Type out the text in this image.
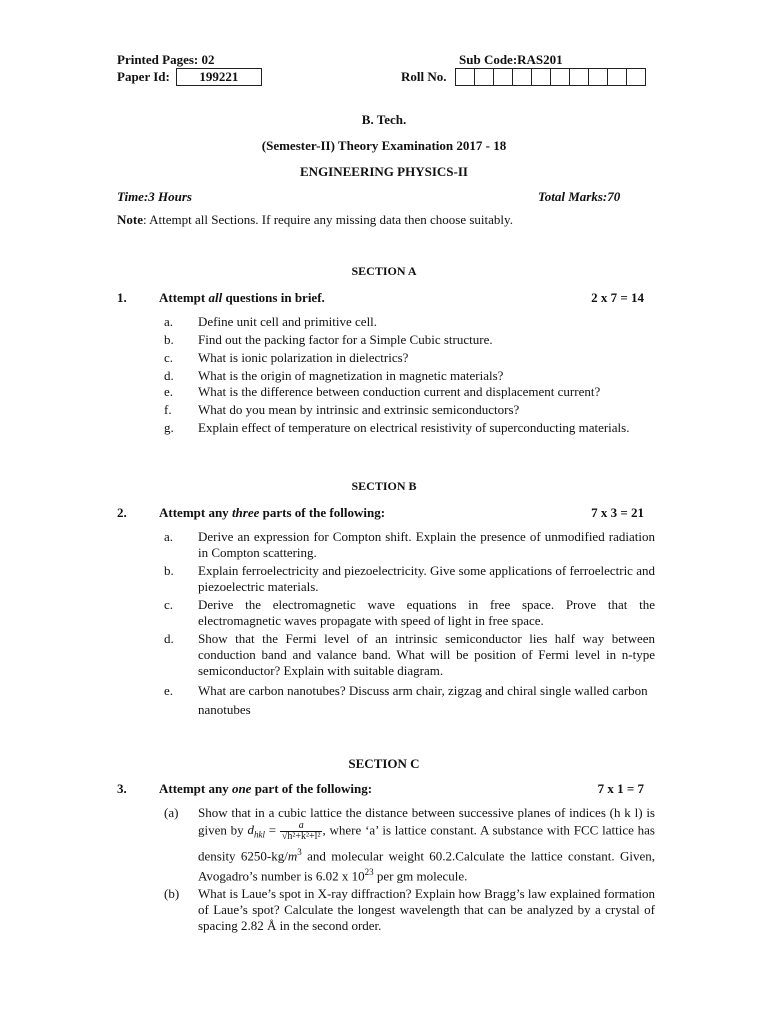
Printed Pages: 02	Sub Code:RAS201
Paper Id:	199221	Roll No.
B. Tech.
(Semester-II) Theory Examination 2017 - 18
ENGINEERING PHYSICS-II
Time:3 Hours	Total Marks:70
Note: Attempt all Sections. If require any missing data then choose suitably.
SECTION A
1. Attempt all questions in brief.	2 x 7 = 14
a.	Define unit cell and primitive cell.
b.	Find out the packing factor for a Simple Cubic structure.
c.	What is ionic polarization in dielectrics?
d.	What is the origin of magnetization in magnetic materials?
e.	What is the difference between conduction current and displacement current?
f.	What do you mean by intrinsic and extrinsic semiconductors?
g.	Explain effect of temperature on electrical resistivity of superconducting materials.
SECTION B
2. Attempt any three parts of the following:	7 x 3 = 21
a.	Derive an expression for Compton shift. Explain the presence of unmodified radiation in Compton scattering.
b.	Explain ferroelectricity and piezoelectricity. Give some applications of ferroelectric and piezoelectric materials.
c.	Derive the electromagnetic wave equations in free space. Prove that the electromagnetic waves propagate with speed of light in free space.
d.	Show that the Fermi level of an intrinsic semiconductor lies half way between conduction band and valance band. What will be position of Fermi level in n-type semiconductor? Explain with suitable diagram.
e.	What are carbon nanotubes? Discuss arm chair, zigzag and chiral single walled carbon nanotubes
SECTION C
3. Attempt any one part of the following:	7 x 1 = 7
(a)	Show that in a cubic lattice the distance between successive planes of indices (h k l) is given by $d_{hkl} = \frac{a}{\text{√h²+k²+l²}}$ , where ‘a’ is lattice constant. A substance with FCC lattice has density $6250-kg/m^3$ and molecular weight 60.2.Calculate the lattice constant. Given, Avogadro’s number is 6.02 x $10^{23}$ per gm molecule.
(b)	What is Laue’s spot in X-ray diffraction? Explain how Bragg’s law explained formation of Laue’s spot? Calculate the longest wavelength that can be analyzed by a crystal of spacing 2.82 Å in the second order.
